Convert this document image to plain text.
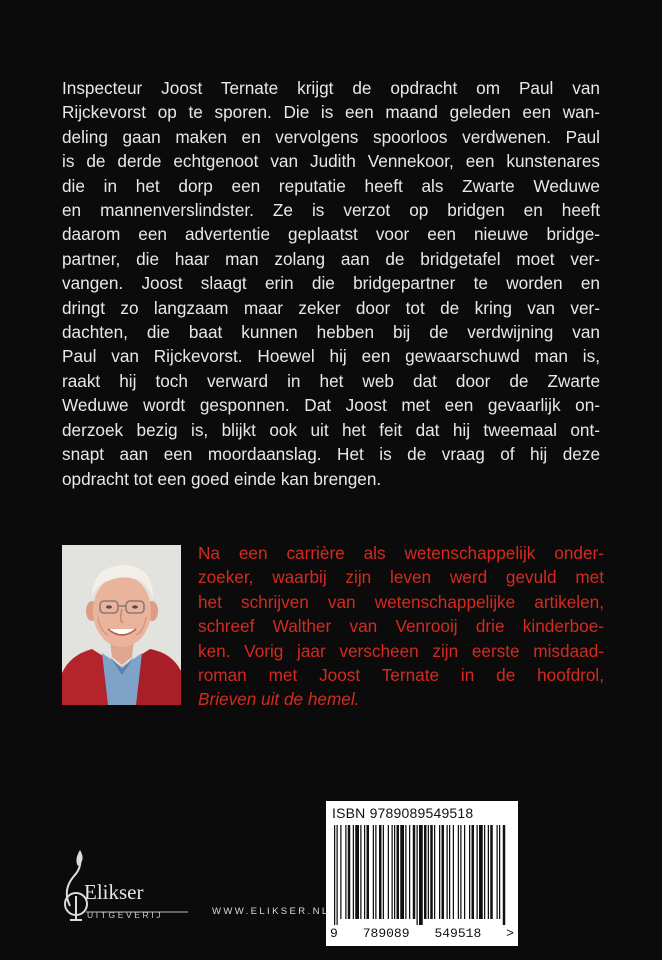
Inspecteur Joost Ternate krijgt de opdracht om Paul van
Rijckevorst op te sporen. Die is een maand geleden een wan-
deling gaan maken en vervolgens spoorloos verdwenen. Paul
is de derde echtgenoot van Judith Vennekoor, een kunstenares
die in het dorp een reputatie heeft als Zwarte Weduwe
en mannenverslindster. Ze is verzot op bridgen en heeft
daarom een advertentie geplaatst voor een nieuwe bridge-
partner, die haar man zolang aan de bridgetafel moet ver-
vangen. Joost slaagt erin die bridgepartner te worden en
dringt zo langzaam maar zeker door tot de kring van ver-
dachten, die baat kunnen hebben bij de verdwijning van
Paul van Rijckevorst. Hoewel hij een gewaarschuwd man is,
raakt hij toch verward in het web dat door de Zwarte
Weduwe wordt gesponnen. Dat Joost met een gevaarlijk on-
derzoek bezig is, blijkt ook uit het feit dat hij tweemaal ont-
snapt aan een moordaanslag. Het is de vraag of hij deze
opdracht tot een goed einde kan brengen.
Na een carrière als wetenschappelijk onder-
zoeker, waarbij zijn leven werd gevuld met
het schrijven van wetenschappelijke artikelen,
schreef Walther van Venrooij drie kinderboe-
ken. Vorig jaar verscheen zijn eerste misdaad-
roman met Joost Ternate in de hoofdrol,
Brieven uit de hemel.
ISBN 9789089549518
9 789089 549518 >
Elikser
UITGEVERIJ	WWW.ELIKSER.NL
